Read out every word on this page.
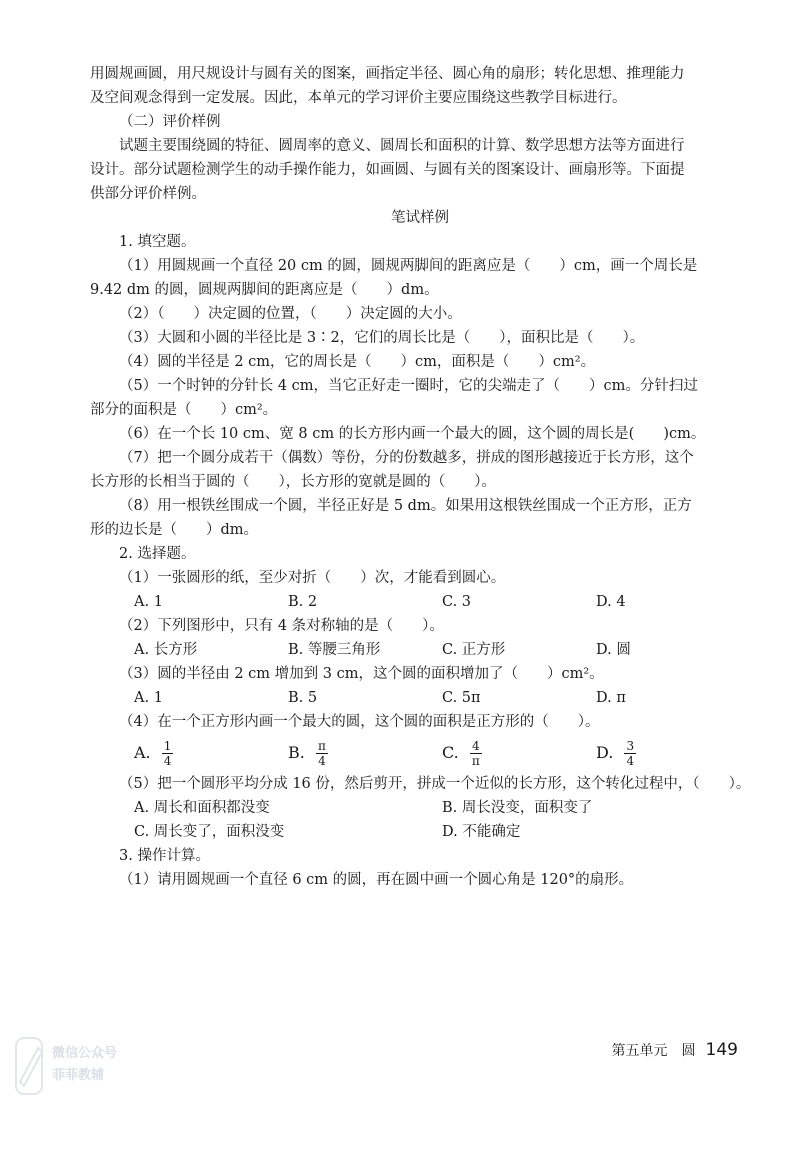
用圆规画圆，用尺规设计与圆有关的图案，画指定半径、圆心角的扇形；转化思想、推理能力
及空间观念得到一定发展。因此，本单元的学习评价主要应围绕这些教学目标进行。
（二）评价样例
试题主要围绕圆的特征、圆周率的意义、圆周长和面积的计算、数学思想方法等方面进行
设计。部分试题检测学生的动手操作能力，如画圆、与圆有关的图案设计、画扇形等。下面提
供部分评价样例。
笔试样例
1. 填空题。
（1）用圆规画一个直径 20 cm 的圆，圆规两脚间的距离应是（　　）cm，画一个周长是
9.42 dm 的圆，圆规两脚间的距离应是（　　）dm。
（2）（　　）决定圆的位置，（　　）决定圆的大小。
（3）大圆和小圆的半径比是 3∶2，它们的周长比是（　　），面积比是（　　）。
（4）圆的半径是 2 cm，它的周长是（　　）cm，面积是（　　）cm²。
（5）一个时钟的分针长 4 cm，当它正好走一圈时，它的尖端走了（　　）cm。分针扫过
部分的面积是（　　）cm²。
（6）在一个长 10 cm、宽 8 cm 的长方形内画一个最大的圆，这个圆的周长是(　　)cm。
（7）把一个圆分成若干（偶数）等份，分的份数越多，拼成的图形越接近于长方形，这个
长方形的长相当于圆的（　　），长方形的宽就是圆的（　　）。
（8）用一根铁丝围成一个圆，半径正好是 5 dm。如果用这根铁丝围成一个正方形，正方
形的边长是（　　）dm。
2. 选择题。
（1）一张圆形的纸，至少对折（　　）次，才能看到圆心。
A. 1	B. 2	C. 3	D. 4
（2）下列图形中，只有 4 条对称轴的是（　　）。
A. 长方形	B. 等腰三角形	C. 正方形	D. 圆
（3）圆的半径由 2 cm 增加到 3 cm，这个圆的面积增加了（　　）cm²。
A. 1	B. 5	C. 5π	D. π
（4）在一个正方形内画一个最大的圆，这个圆的面积是正方形的（　　）。
A. $\frac{1}{4}$	B. $\frac{\pi}{4}$	C. $\frac{4}{\pi}$	D. $\frac{3}{4}$
（5）把一个圆形平均分成 16 份，然后剪开，拼成一个近似的长方形，这个转化过程中，（　　）。
A. 周长和面积都没变	B. 周长没变，面积变了
C. 周长变了，面积没变	D. 不能确定
3. 操作计算。
（1）请用圆规画一个直径 6 cm 的圆，再在圆中画一个圆心角是 120°的扇形。
微信公众号
菲菲教辅
第五单元　圆 149
